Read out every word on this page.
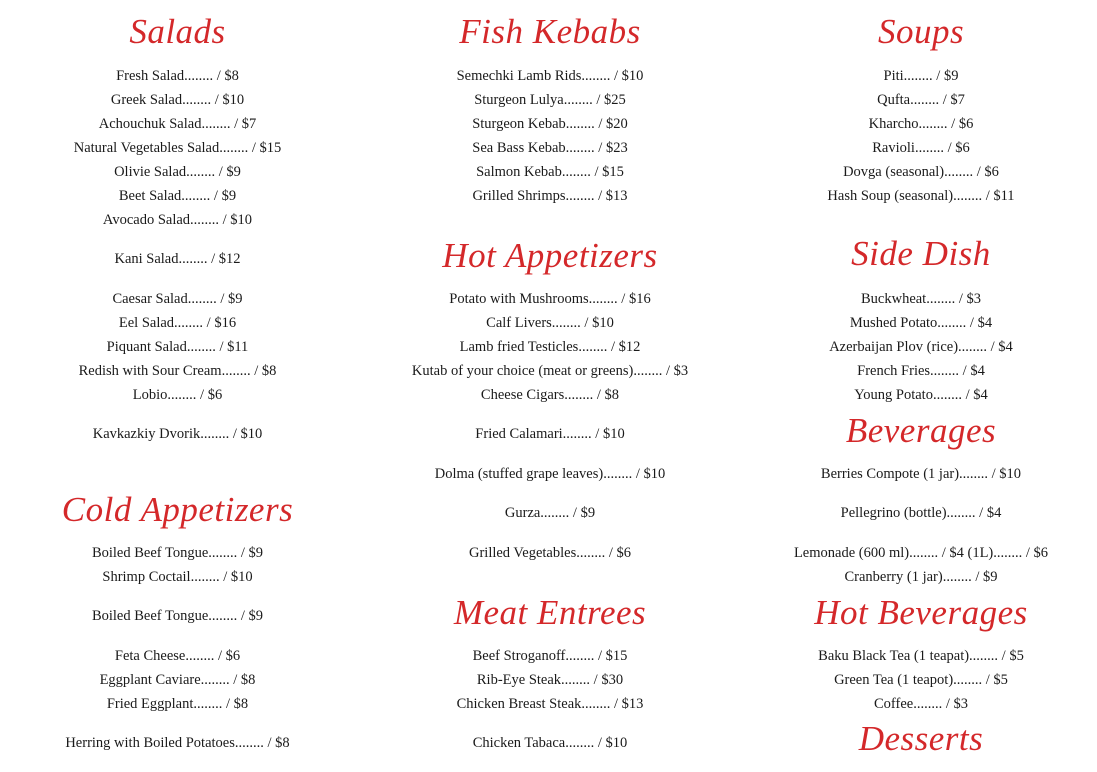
Salads
Fresh Salad........ / $8
Greek Salad........ / $10
Achouchuk Salad........ / $7
Natural Vegetables Salad........ / $15
Olivie Salad........ / $9
Beet Salad........ / $9
Avocado Salad........ / $10
Kani Salad........ / $12
Caesar Salad........ / $9
Eel Salad........ / $16
Piquant Salad........ / $11
Redish with Sour Cream........ / $8
Lobio........ / $6
Kavkazkiy Dvorik........ / $10
Cold Appetizers
Boiled Beef Tongue........ / $9
Shrimp Coctail........ / $10
Boiled Beef Tongue........ / $9
Feta Cheese........ / $6
Eggplant Caviare........ / $8
Fried Eggplant........ / $8
Herring with Boiled Potatoes........ / $8
Fish Kebabs
Semechki Lamb Rids........ / $10
Sturgeon Lulya........ / $25
Sturgeon Kebab........ / $20
Sea Bass Kebab........ / $23
Salmon Kebab........ / $15
Grilled Shrimps........ / $13
Hot Appetizers
Potato with Mushrooms........ / $16
Calf Livers........ / $10
Lamb fried Testicles........ / $12
Kutab of your choice (meat or greens)........ / $3
Cheese Cigars........ / $8
Fried Calamari........ / $10
Dolma (stuffed grape leaves)........ / $10
Gurza........ / $9
Grilled Vegetables........ / $6
Meat Entrees
Beef Stroganoff........ / $15
Rib-Eye Steak........ / $30
Chicken Breast Steak........ / $13
Chicken Tabaca........ / $10
Soups
Piti........ / $9
Qufta........ / $7
Kharcho........ / $6
Ravioli........ / $6
Dovga (seasonal)........ / $6
Hash Soup (seasonal)........ / $11
Side Dish
Buckwheat........ / $3
Mushed Potato........ / $4
Azerbaijan Plov (rice)........ / $4
French Fries........ / $4
Young Potato........ / $4
Beverages
Berries Compote (1 jar)........ / $10
Pellegrino (bottle)........ / $4
Lemonade (600 ml)........ / $4 (1L)........ / $6
Cranberry (1 jar)........ / $9
Hot Beverages
Baku Black Tea (1 teapat)........ / $5
Green Tea (1 teapot)........ / $5
Coffee........ / $3
Desserts
